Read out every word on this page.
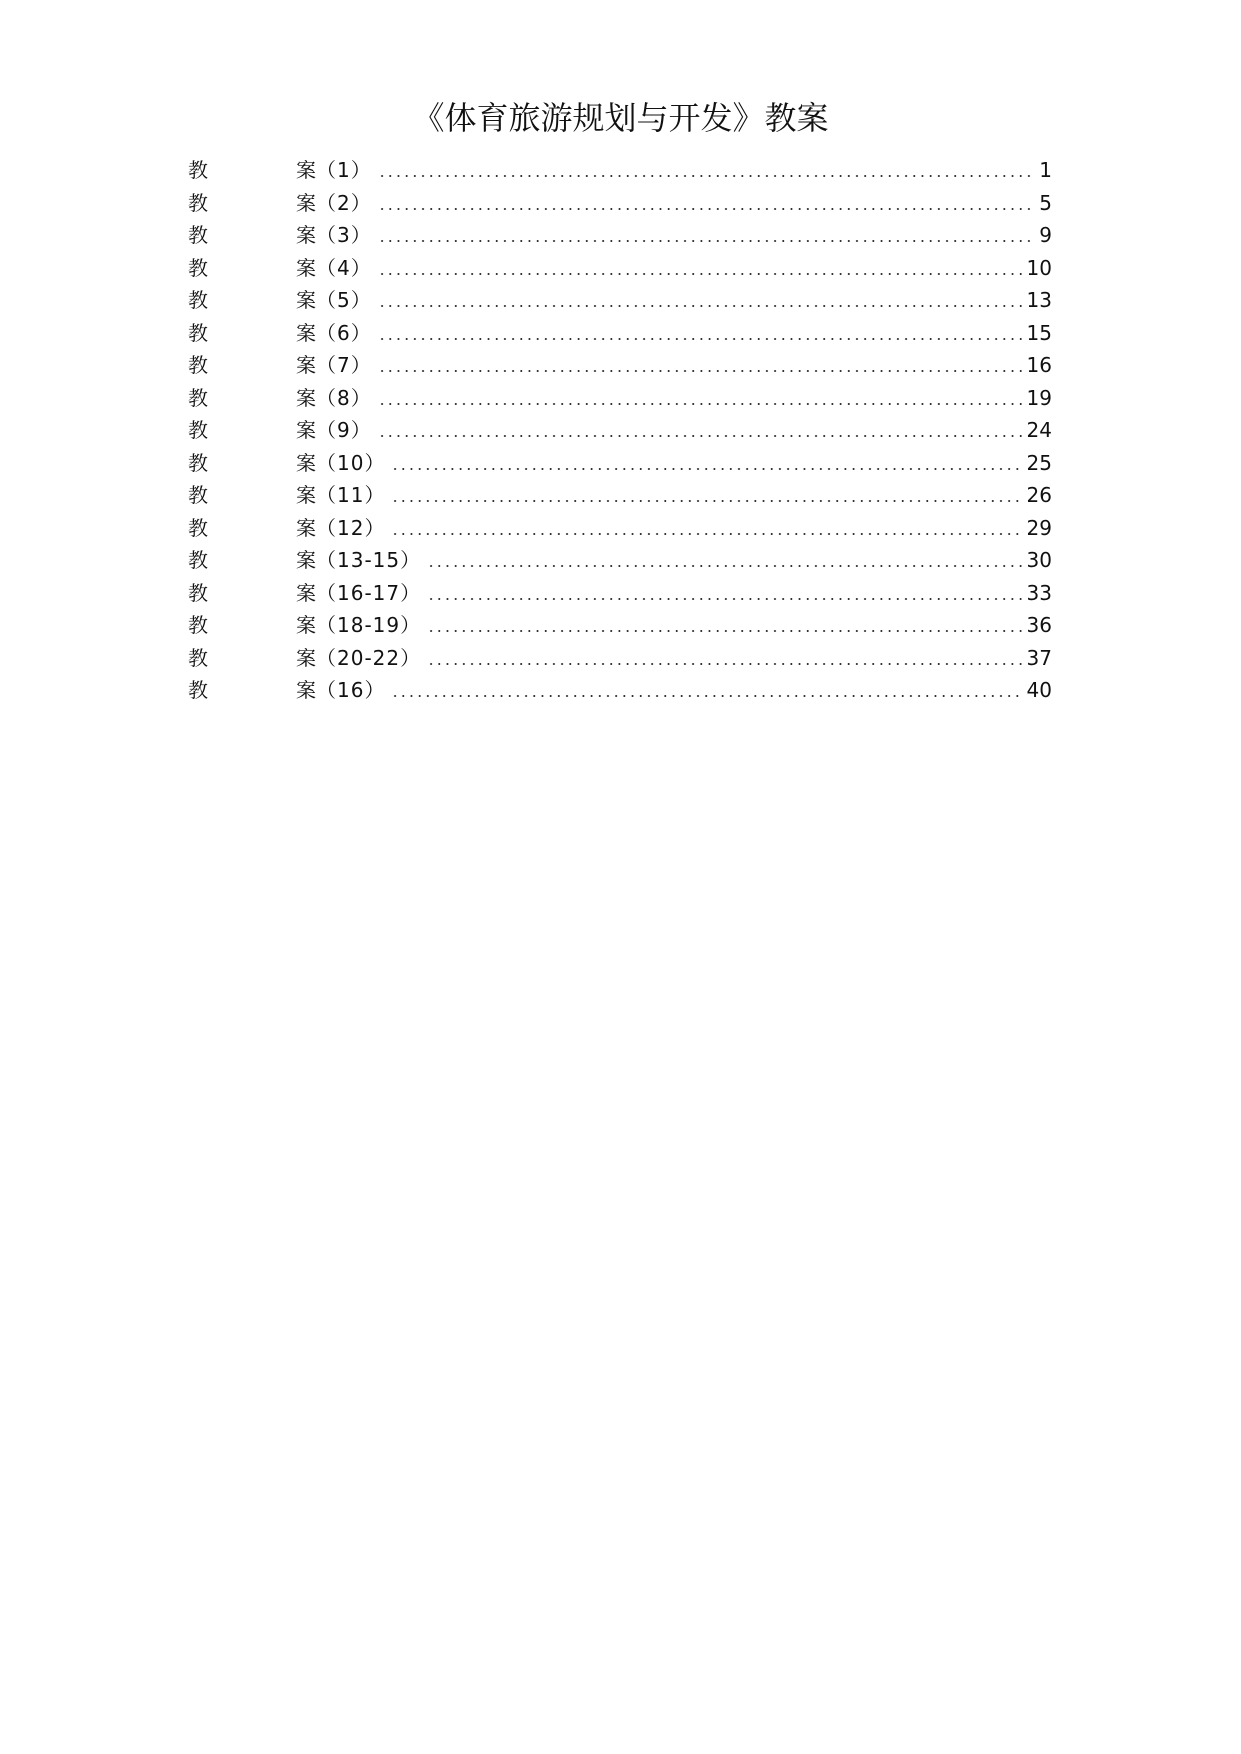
《体育旅游规划与开发》教案
教	案 （1）	1
教	案 （2）	5
教	案 （3）	9
教	案 （4）	10
教	案 （5）	13
教	案 （6）	15
教	案 （7）	16
教	案 （8）	19
教	案 （9）	24
教	案 （10）	25
教	案 （11）	26
教	案 （12）	29
教	案 （13-15）	30
教	案 （16-17）	33
教	案 （18-19）	36
教	案 （20-22）	37
教	案 （16）	40
